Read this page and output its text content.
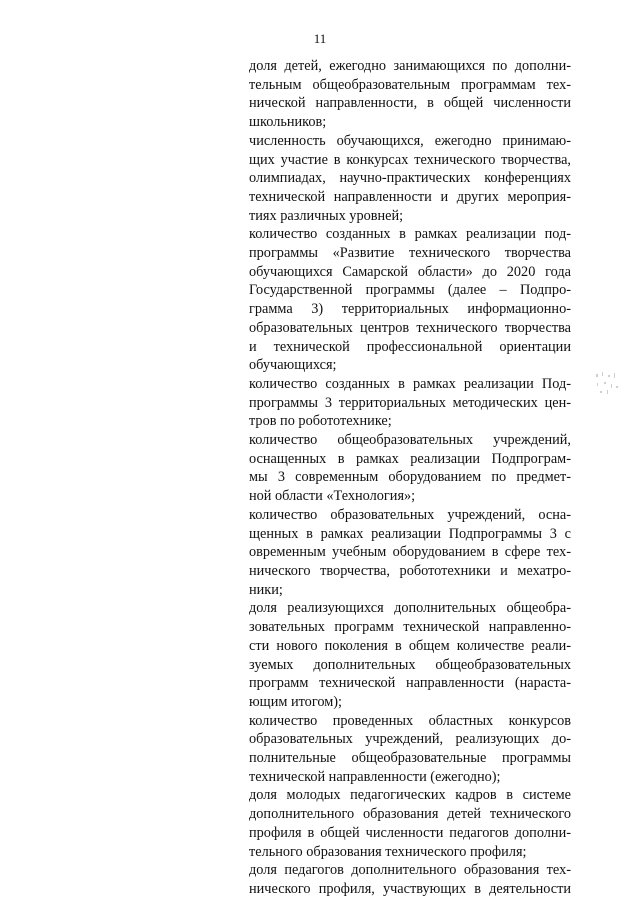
11
доля детей, ежегодно занимающихся по дополни-
тельным общеобразовательным программам тех-
нической направленности, в общей численности
школьников;
численность обучающихся, ежегодно принимаю-
щих участие в конкурсах технического творчества,
олимпиадах, научно-практических конференциях
технической направленности и других мероприя-
тиях различных уровней;
количество созданных в рамках реализации под-
программы «Развитие технического творчества
обучающихся Самарской области» до 2020 года
Государственной программы (далее – Подпро-
грамма 3) территориальных информационно-
образовательных центров технического творчества
и технической профессиональной ориентации
обучающихся;
количество созданных в рамках реализации Под-
программы 3 территориальных методических цен-
тров по робототехнике;
количество общеобразовательных учреждений,
оснащенных в рамках реализации Подпрограм-
мы 3 современным оборудованием по предмет-
ной области «Технология»;
количество образовательных учреждений, осна-
щенных в рамках реализации Подпрограммы 3 с
овременным учебным оборудованием в сфере тех-
нического творчества, робототехники и мехатро-
ники;
доля реализующихся дополнительных общеобра-
зовательных программ технической направленно-
сти нового поколения в общем количестве реали-
зуемых дополнительных общеобразовательных
программ технической направленности (нараста-
ющим итогом);
количество проведенных областных конкурсов
образовательных учреждений, реализующих до-
полнительные общеобразовательные программы
технической направленности (ежегодно);
доля молодых педагогических кадров в системе
дополнительного образования детей технического
профиля в общей численности педагогов дополни-
тельного образования технического профиля;
доля педагогов дополнительного образования тех-
нического профиля, участвующих в деятельности
